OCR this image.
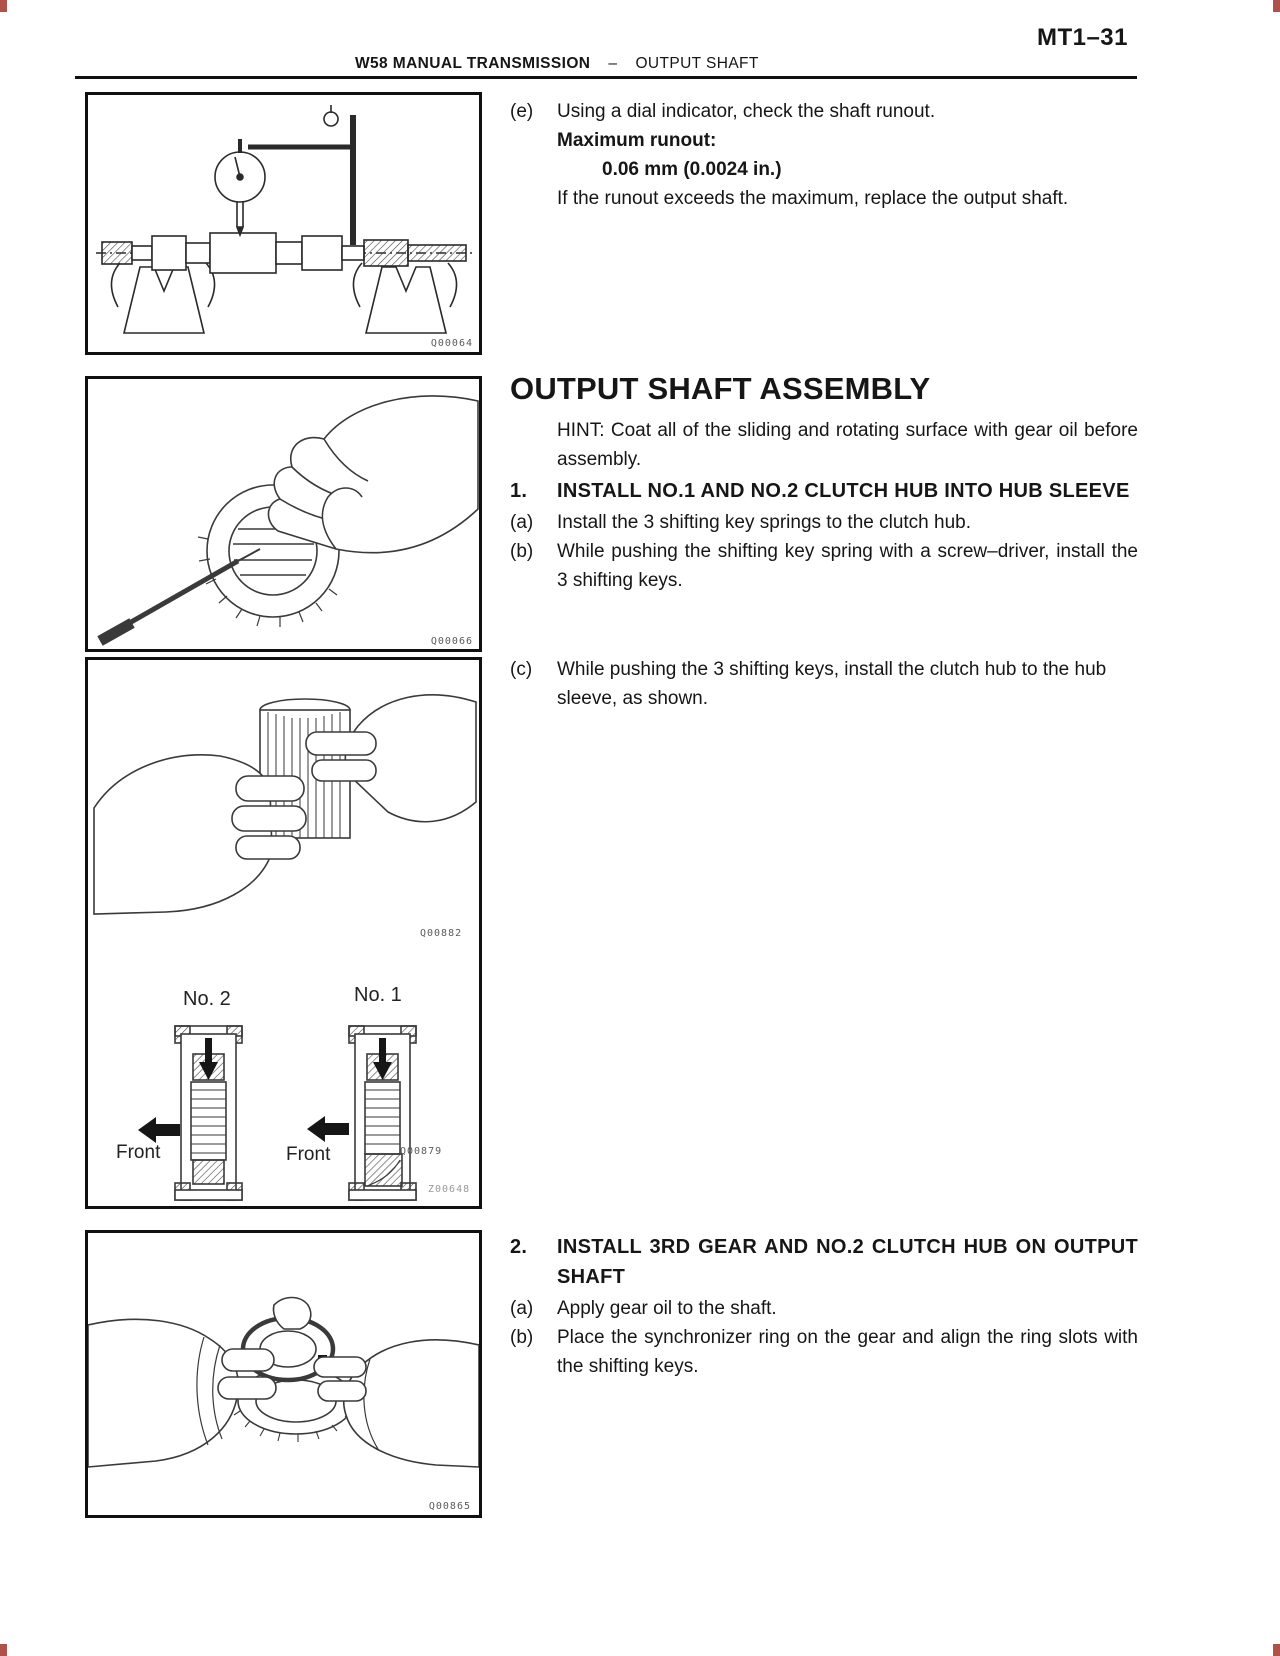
MT1–31
W58 MANUAL TRANSMISSION – OUTPUT SHAFT
Q00064
Q00066
Q00882
No. 2	No. 1
Front	Front	Q00879
Z00648
Q00865
(e)	Using a dial indicator, check the shaft runout.
Maximum runout:
0.06 mm (0.0024 in.)
If the runout exceeds the maximum, replace the output shaft.
OUTPUT SHAFT ASSEMBLY
HINT: Coat all of the sliding and rotating surface with gear oil before assembly.
1.	INSTALL NO.1 AND NO.2 CLUTCH HUB INTO HUB SLEEVE
(a)	Install the 3 shifting key springs to the clutch hub.
(b)	While pushing the shifting key spring with a screw–driver, install the 3 shifting keys.
(c)	While pushing the 3 shifting keys, install the clutch hub to the hub sleeve, as shown.
2.	INSTALL 3RD GEAR AND NO.2 CLUTCH HUB ON OUTPUT SHAFT
(a)	Apply gear oil to the shaft.
(b)	Place the synchronizer ring on the gear and align the ring slots with the shifting keys.
